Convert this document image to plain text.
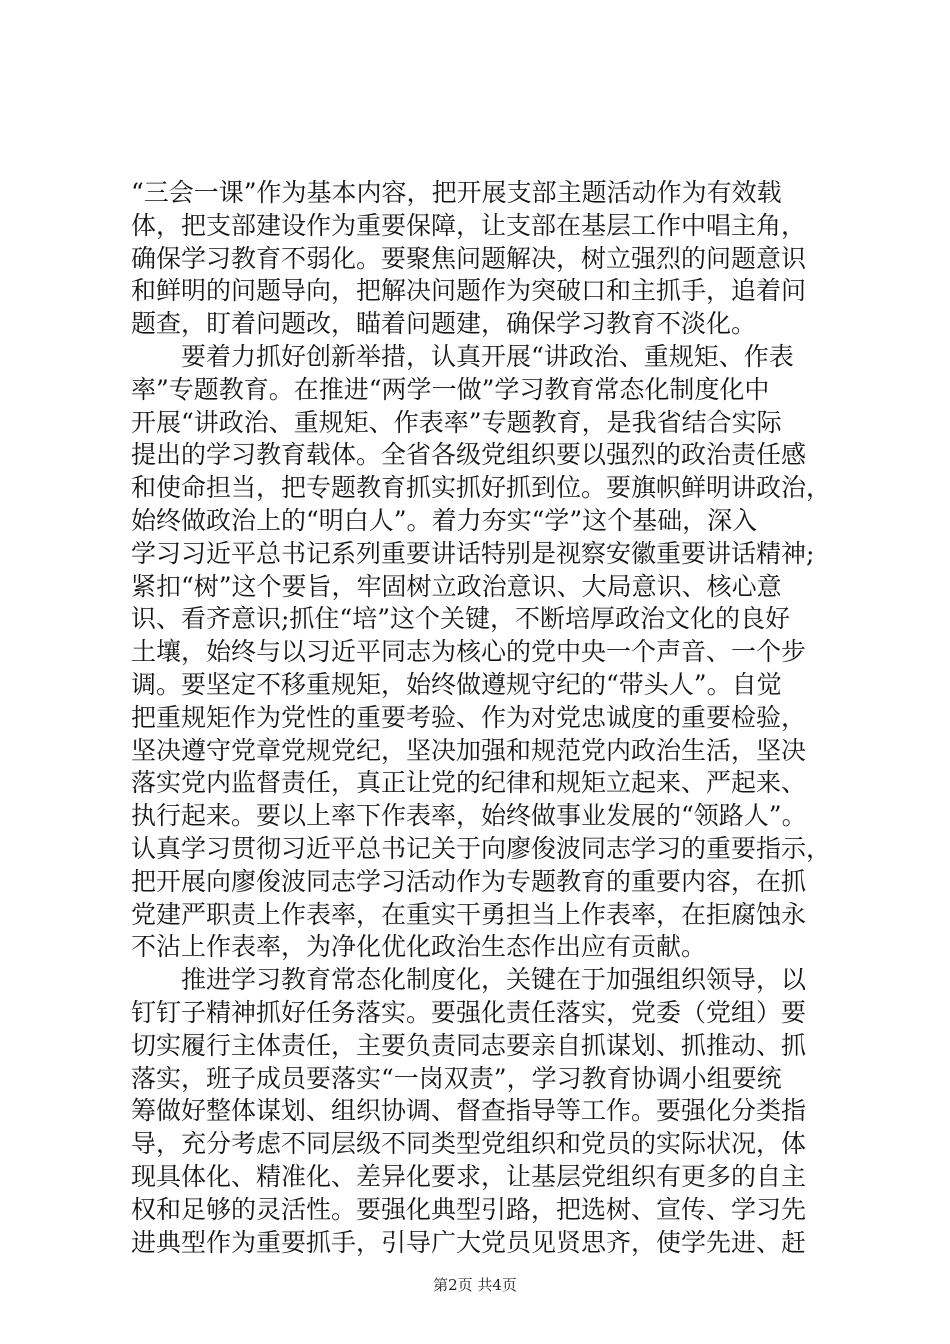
“三会一课”作为基本内容，把开展支部主题活动作为有效载
体，把支部建设作为重要保障，让支部在基层工作中唱主角，
确保学习教育不弱化。要聚焦问题解决，树立强烈的问题意识
和鲜明的问题导向，把解决问题作为突破口和主抓手，追着问
题查，盯着问题改，瞄着问题建，确保学习教育不淡化。
　　要着力抓好创新举措，认真开展“讲政治、重规矩、作表
率”专题教育。在推进“两学一做”学习教育常态化制度化中
开展“讲政治、重规矩、作表率”专题教育，是我省结合实际
提出的学习教育载体。全省各级党组织要以强烈的政治责任感
和使命担当，把专题教育抓实抓好抓到位。要旗帜鲜明讲政治，
始终做政治上的“明白人”。着力夯实“学”这个基础，深入
学习习近平总书记系列重要讲话特别是视察安徽重要讲话精神;
紧扣“树”这个要旨，牢固树立政治意识、大局意识、核心意
识、看齐意识;抓住“培”这个关键，不断培厚政治文化的良好
土壤，始终与以习近平同志为核心的党中央一个声音、一个步
调。要坚定不移重规矩，始终做遵规守纪的“带头人”。自觉
把重规矩作为党性的重要考验、作为对党忠诚度的重要检验，
坚决遵守党章党规党纪，坚决加强和规范党内政治生活，坚决
落实党内监督责任，真正让党的纪律和规矩立起来、严起来、
执行起来。要以上率下作表率，始终做事业发展的“领路人”。
认真学习贯彻习近平总书记关于向廖俊波同志学习的重要指示，
把开展向廖俊波同志学习活动作为专题教育的重要内容，在抓
党建严职责上作表率，在重实干勇担当上作表率，在拒腐蚀永
不沾上作表率，为净化优化政治生态作出应有贡献。
　　推进学习教育常态化制度化，关键在于加强组织领导，以
钉钉子精神抓好任务落实。要强化责任落实，党委（党组）要
切实履行主体责任，主要负责同志要亲自抓谋划、抓推动、抓
落实，班子成员要落实“一岗双责”，学习教育协调小组要统
筹做好整体谋划、组织协调、督查指导等工作。要强化分类指
导，充分考虑不同层级不同类型党组织和党员的实际状况，体
现具体化、精准化、差异化要求，让基层党组织有更多的自主
权和足够的灵活性。要强化典型引路，把选树、宣传、学习先
进典型作为重要抓手，引导广大党员见贤思齐，使学先进、赶
第2页 共4页
